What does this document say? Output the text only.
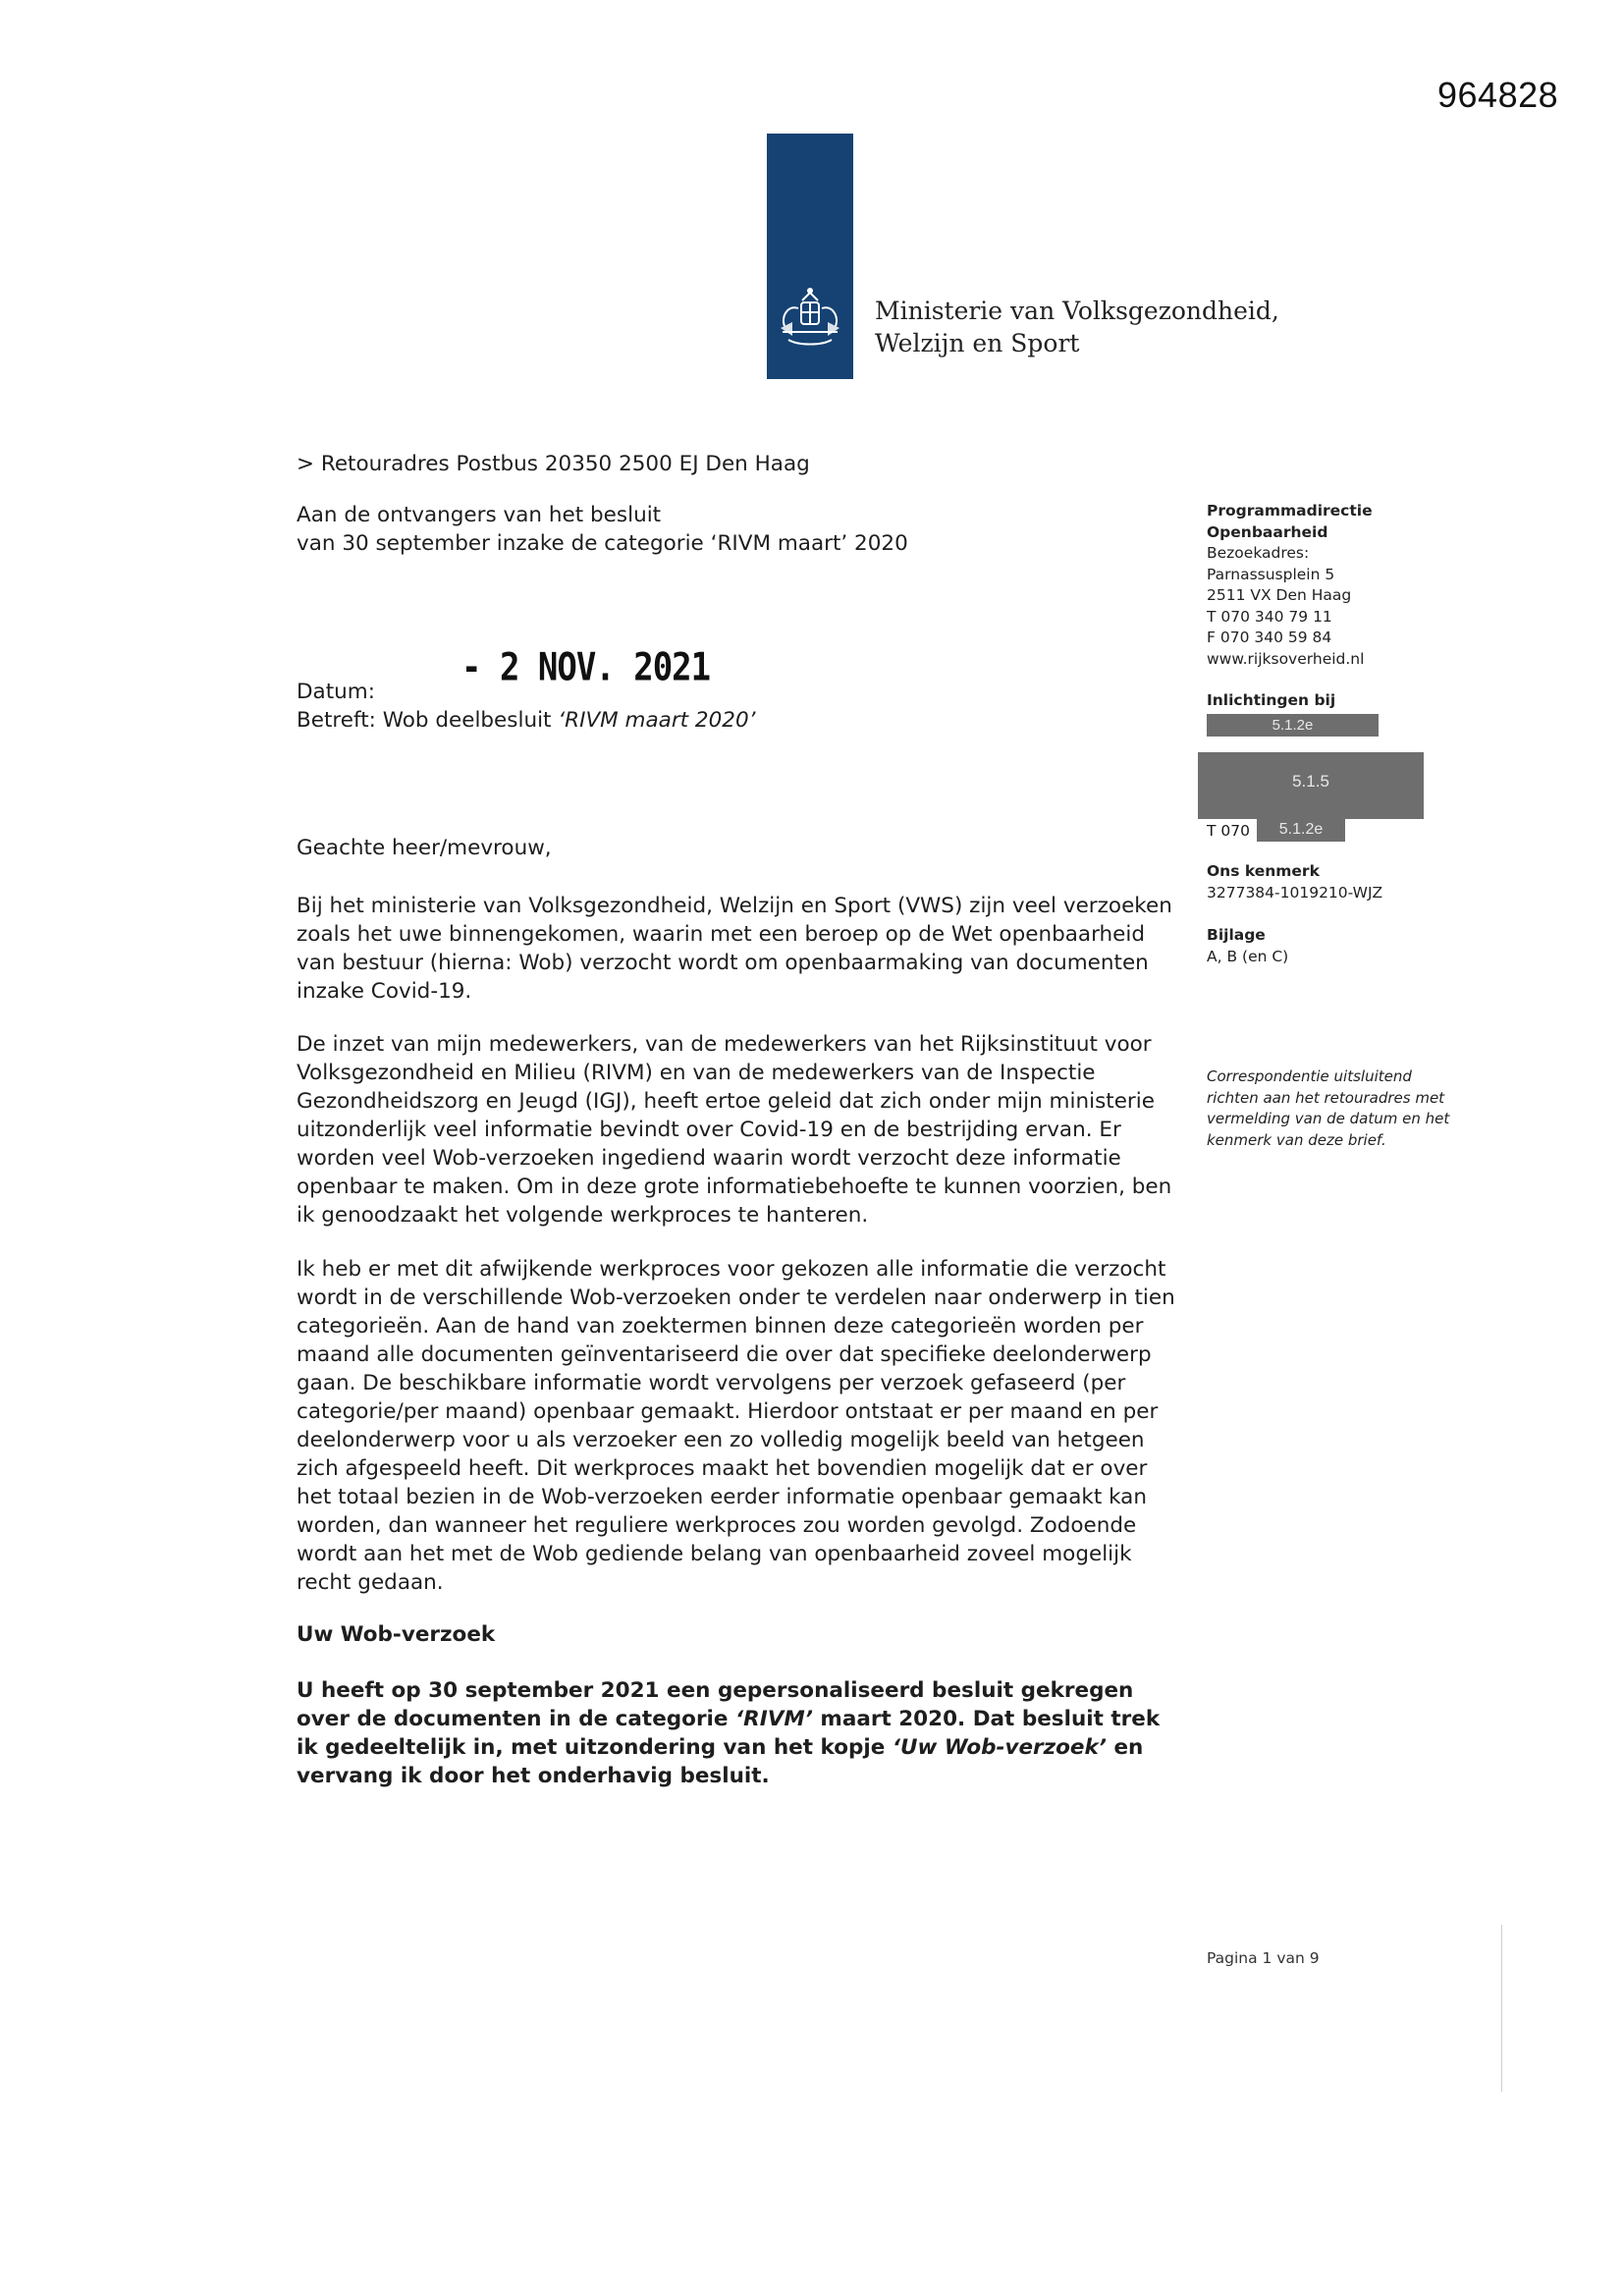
964828
Ministerie van Volksgezondheid,
Welzijn en Sport
> Retouradres Postbus 20350 2500 EJ Den Haag
Aan de ontvangers van het besluit
van 30 september inzake de categorie ‘RIVM maart’ 2020
- 2 NOV. 2021
Datum:
Betreft: Wob deelbesluit ‘RIVM maart 2020’
Geachte heer/mevrouw,

Bij het ministerie van Volksgezondheid, Welzijn en Sport (VWS) zijn veel verzoeken zoals het uwe binnengekomen, waarin met een beroep op de Wet openbaarheid van bestuur (hierna: Wob) verzocht wordt om openbaarmaking van documenten inzake Covid-19.

De inzet van mijn medewerkers, van de medewerkers van het Rijksinstituut voor Volksgezondheid en Milieu (RIVM) en van de medewerkers van de Inspectie Gezondheidszorg en Jeugd (IGJ), heeft ertoe geleid dat zich onder mijn ministerie uitzonderlijk veel informatie bevindt over Covid-19 en de bestrijding ervan. Er worden veel Wob-verzoeken ingediend waarin wordt verzocht deze informatie openbaar te maken. Om in deze grote informatiebehoefte te kunnen voorzien, ben ik genoodzaakt het volgende werkproces te hanteren.

Ik heb er met dit afwijkende werkproces voor gekozen alle informatie die verzocht wordt in de verschillende Wob-verzoeken onder te verdelen naar onderwerp in tien categorieën. Aan de hand van zoektermen binnen deze categorieën worden per maand alle documenten geïnventariseerd die over dat specifieke deelonderwerp gaan. De beschikbare informatie wordt vervolgens per verzoek gefaseerd (per categorie/per maand) openbaar gemaakt. Hierdoor ontstaat er per maand en per deelonderwerp voor u als verzoeker een zo volledig mogelijk beeld van hetgeen zich afgespeeld heeft. Dit werkproces maakt het bovendien mogelijk dat er over het totaal bezien in de Wob-verzoeken eerder informatie openbaar gemaakt kan worden, dan wanneer het reguliere werkproces zou worden gevolgd. Zodoende wordt aan het met de Wob gediende belang van openbaarheid zoveel mogelijk recht gedaan.

Uw Wob-verzoek

U heeft op 30 september 2021 een gepersonaliseerd besluit gekregen over de documenten in de categorie ‘RIVM’ maart 2020. Dat besluit trek ik gedeeltelijk in, met uitzondering van het kopje ‘Uw Wob-verzoek’ en vervang ik door het onderhavig besluit.

Programmadirectie
Openbaarheid
Bezoekadres:
Parnassusplein 5
2511 VX Den Haag
T 070 340 79 11
F 070 340 59 84
www.rijksoverheid.nl
Inlichtingen bij
5.1.2e
5.1.5
T 070	5.1.2e
Ons kenmerk
3277384-1019210-WJZ
Bijlage
A, B (en C)
Correspondentie uitsluitend richten aan het retouradres met vermelding van de datum en het kenmerk van deze brief.
Pagina 1 van 9
